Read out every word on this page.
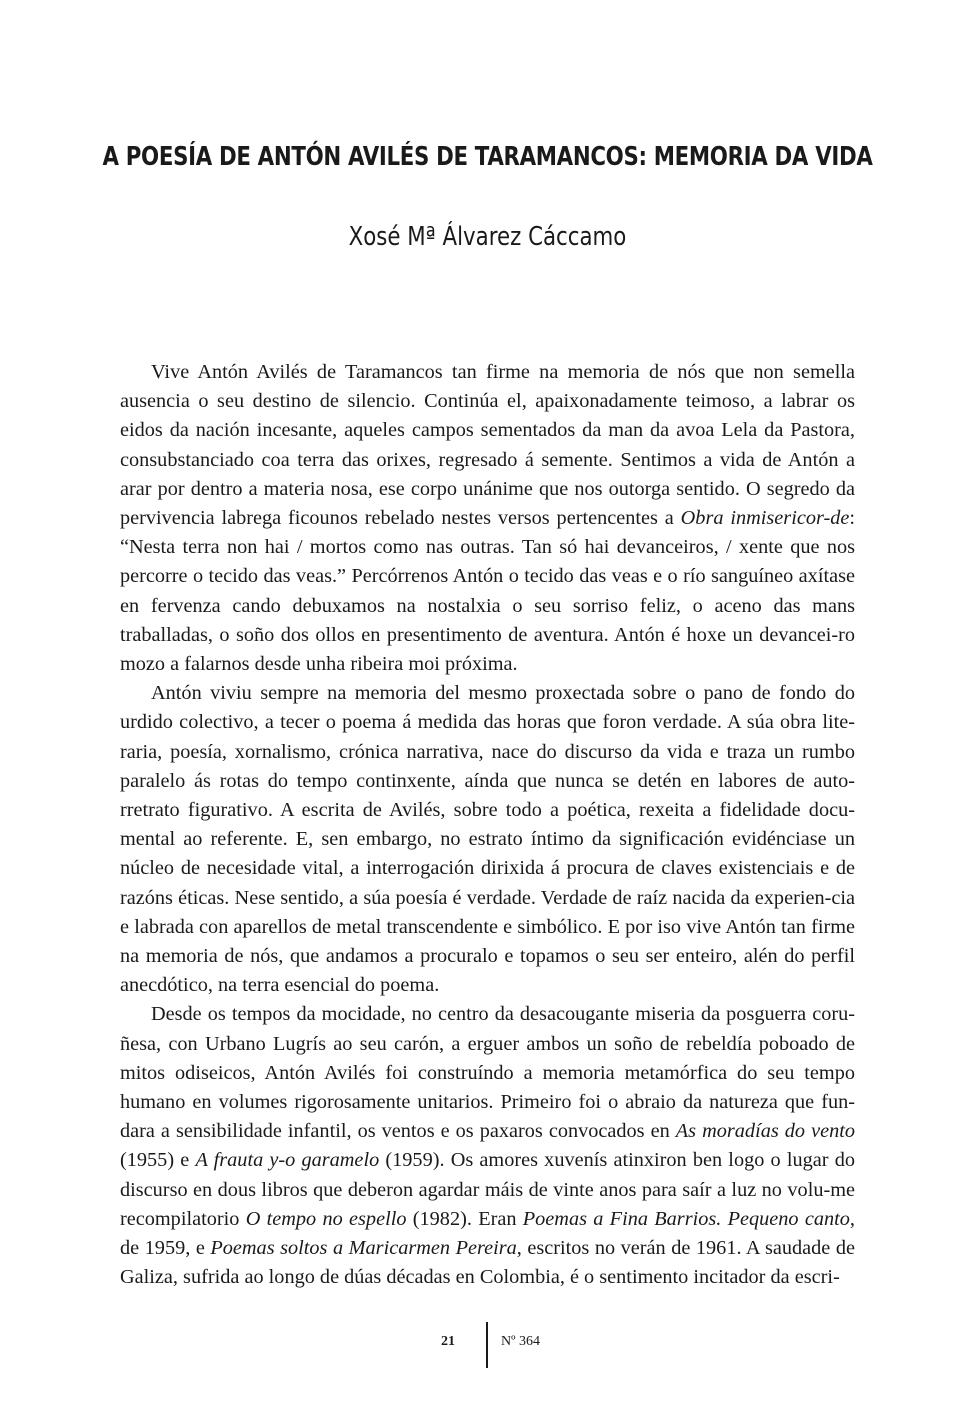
A POESÍA DE ANTÓN AVILÉS DE TARAMANCOS: MEMORIA DA VIDA
Xosé Mª Álvarez Cáccamo

Vive Antón Avilés de Taramancos tan firme na memoria de nós que non semella ausencia o seu destino de silencio. Continúa el, apaixonadamente teimoso, a labrar os eidos da nación incesante, aqueles campos sementados da man da avoa Lela da Pastora, consubstanciado coa terra das orixes, regresado á semente. Sentimos a vida de Antón a arar por dentro a materia nosa, ese corpo unánime que nos outorga sentido. O segredo da pervivencia labrega ficounos rebelado nestes versos pertencentes a Obra inmisericor-de: “Nesta terra non hai / mortos como nas outras. Tan só hai devanceiros, / xente que nos percorre o tecido das veas.” Percórrenos Antón o tecido das veas e o río sanguíneo axítase en fervenza cando debuxamos na nostalxia o seu sorriso feliz, o aceno das mans traballadas, o soño dos ollos en presentimento de aventura. Antón é hoxe un devancei-ro mozo a falarnos desde unha ribeira moi próxima.

Antón viviu sempre na memoria del mesmo proxectada sobre o pano de fondo do urdido colectivo, a tecer o poema á medida das horas que foron verdade. A súa obra lite-raria, poesía, xornalismo, crónica narrativa, nace do discurso da vida e traza un rumbo paralelo ás rotas do tempo continxente, aínda que nunca se detén en labores de auto-rretrato figurativo. A escrita de Avilés, sobre todo a poética, rexeita a fidelidade docu-mental ao referente. E, sen embargo, no estrato íntimo da significación evidénciase un núcleo de necesidade vital, a interrogación dirixida á procura de claves existenciais e de razóns éticas. Nese sentido, a súa poesía é verdade. Verdade de raíz nacida da experien-cia e labrada con aparellos de metal transcendente e simbólico. E por iso vive Antón tan firme na memoria de nós, que andamos a procuralo e topamos o seu ser enteiro, alén do perfil anecdótico, na terra esencial do poema.

Desde os tempos da mocidade, no centro da desacougante miseria da posguerra coru-ñesa, con Urbano Lugrís ao seu carón, a erguer ambos un soño de rebeldía poboado de mitos odiseicos, Antón Avilés foi construíndo a memoria metamórfica do seu tempo humano en volumes rigorosamente unitarios. Primeiro foi o abraio da natureza que fun-dara a sensibilidade infantil, os ventos e os paxaros convocados en As moradías do vento (1955) e A frauta y-o garamelo (1959). Os amores xuvenís atinxiron ben logo o lugar do discurso en dous libros que deberon agardar máis de vinte anos para saír a luz no volu-me recompilatorio O tempo no espello (1982). Eran Poemas a Fina Barrios. Pequeno canto, de 1959, e Poemas soltos a Maricarmen Pereira, escritos no verán de 1961. A saudade de Galiza, sufrida ao longo de dúas décadas en Colombia, é o sentimento incitador da escri-

21	Nº 364
